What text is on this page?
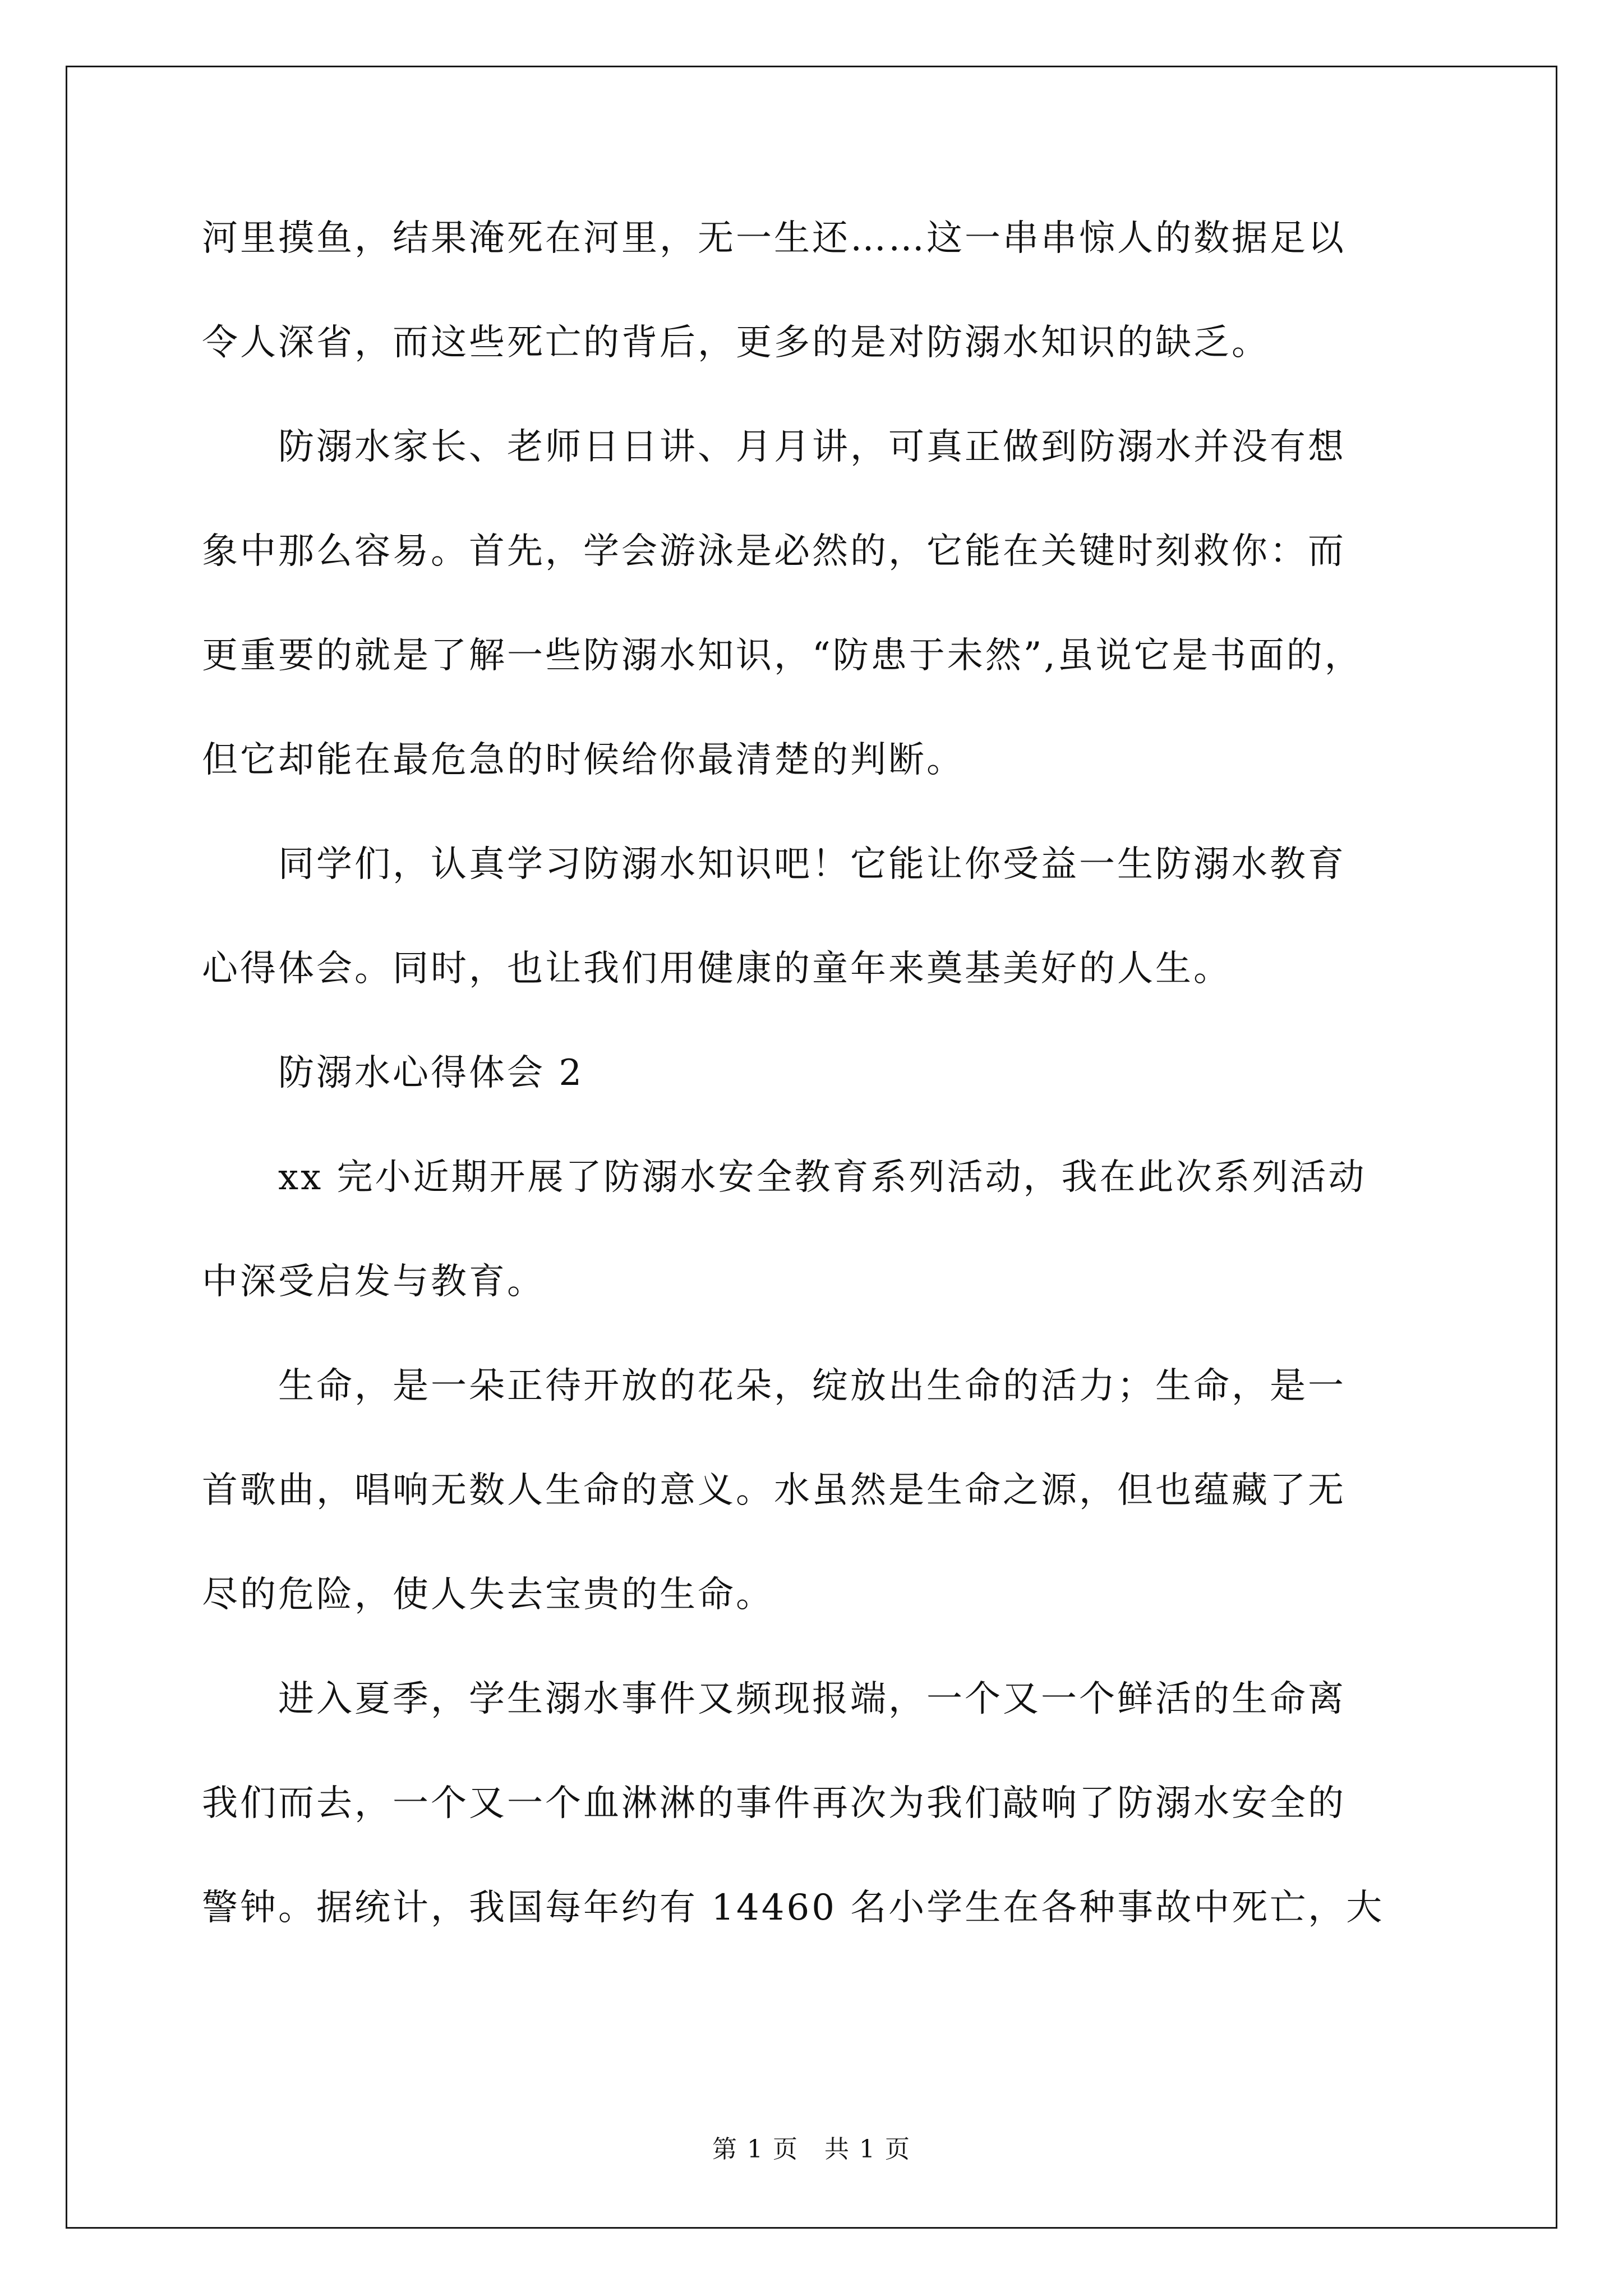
河里摸鱼，结果淹死在河里，无一生还……这一串串惊人的数据足以
令人深省，而这些死亡的背后，更多的是对防溺水知识的缺乏。
　　防溺水家长、老师日日讲、月月讲，可真正做到防溺水并没有想
象中那么容易。首先，学会游泳是必然的，它能在关键时刻救你：而
更重要的就是了解一些防溺水知识，“防患于未然”,虽说它是书面的，
但它却能在最危急的时候给你最清楚的判断。
　　同学们，认真学习防溺水知识吧！它能让你受益一生防溺水教育
心得体会。同时，也让我们用健康的童年来奠基美好的人生。
　　防溺水心得体会 2
　　xx 完小近期开展了防溺水安全教育系列活动，我在此次系列活动
中深受启发与教育。
　　生命，是一朵正待开放的花朵，绽放出生命的活力；生命，是一
首歌曲，唱响无数人生命的意义。水虽然是生命之源，但也蕴藏了无
尽的危险，使人失去宝贵的生命。
　　进入夏季，学生溺水事件又频现报端，一个又一个鲜活的生命离
我们而去，一个又一个血淋淋的事件再次为我们敲响了防溺水安全的
警钟。据统计，我国每年约有 14460 名小学生在各种事故中死亡，大
第 1 页　共 1 页
